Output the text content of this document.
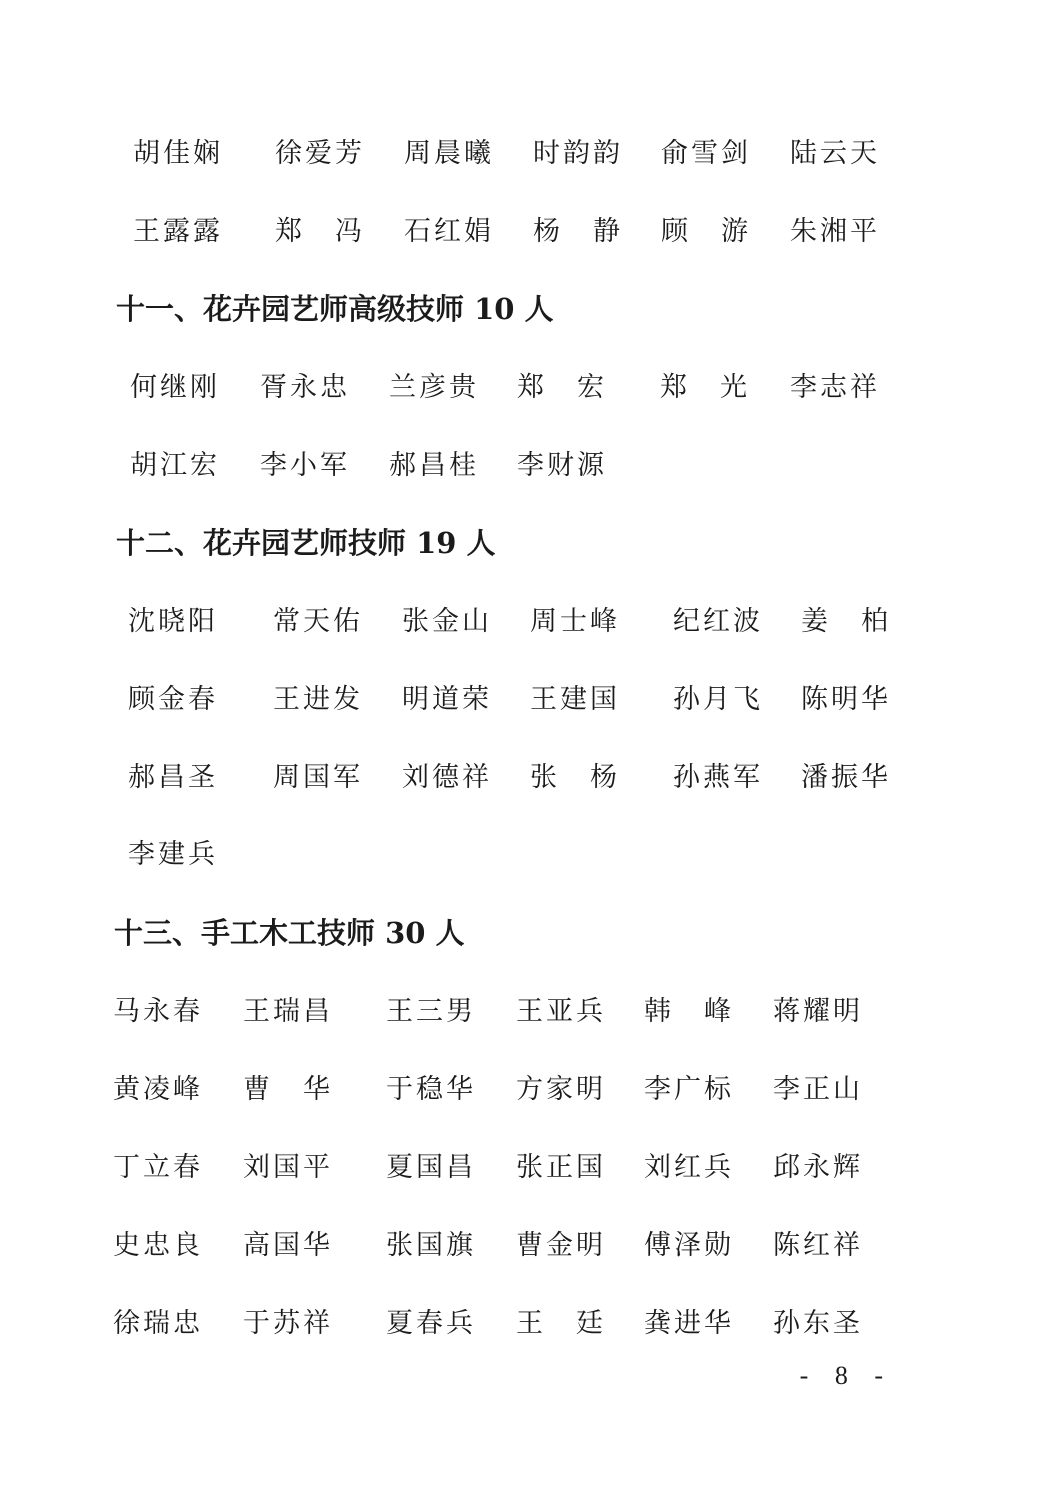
胡佳娴 徐爱芳 周晨曦 时韵韵 俞雪剑 陆云天
王露露 郑　冯 石红娟 杨　静 顾　游 朱湘平
十一、花卉园艺师高级技师 10 人
何继刚 胥永忠 兰彦贵 郑　宏 郑　光 李志祥
胡江宏 李小军 郝昌桂 李财源
十二、花卉园艺师技师 19 人
沈晓阳 常天佑 张金山 周士峰 纪红波 姜　柏
顾金春 王进发 明道荣 王建国 孙月飞 陈明华
郝昌圣 周国军 刘德祥 张　杨 孙燕军 潘振华
李建兵
十三、手工木工技师 30 人
马永春 王瑞昌 王三男 王亚兵 韩　峰 蒋耀明
黄凌峰 曹　华 于稳华 方家明 李广标 李正山
丁立春 刘国平 夏国昌 张正国 刘红兵 邱永辉
史忠良 高国华 张国旗 曹金明 傅泽勋 陈红祥
徐瑞忠 于苏祥 夏春兵 王　廷 龚进华 孙东圣
- 8 -
